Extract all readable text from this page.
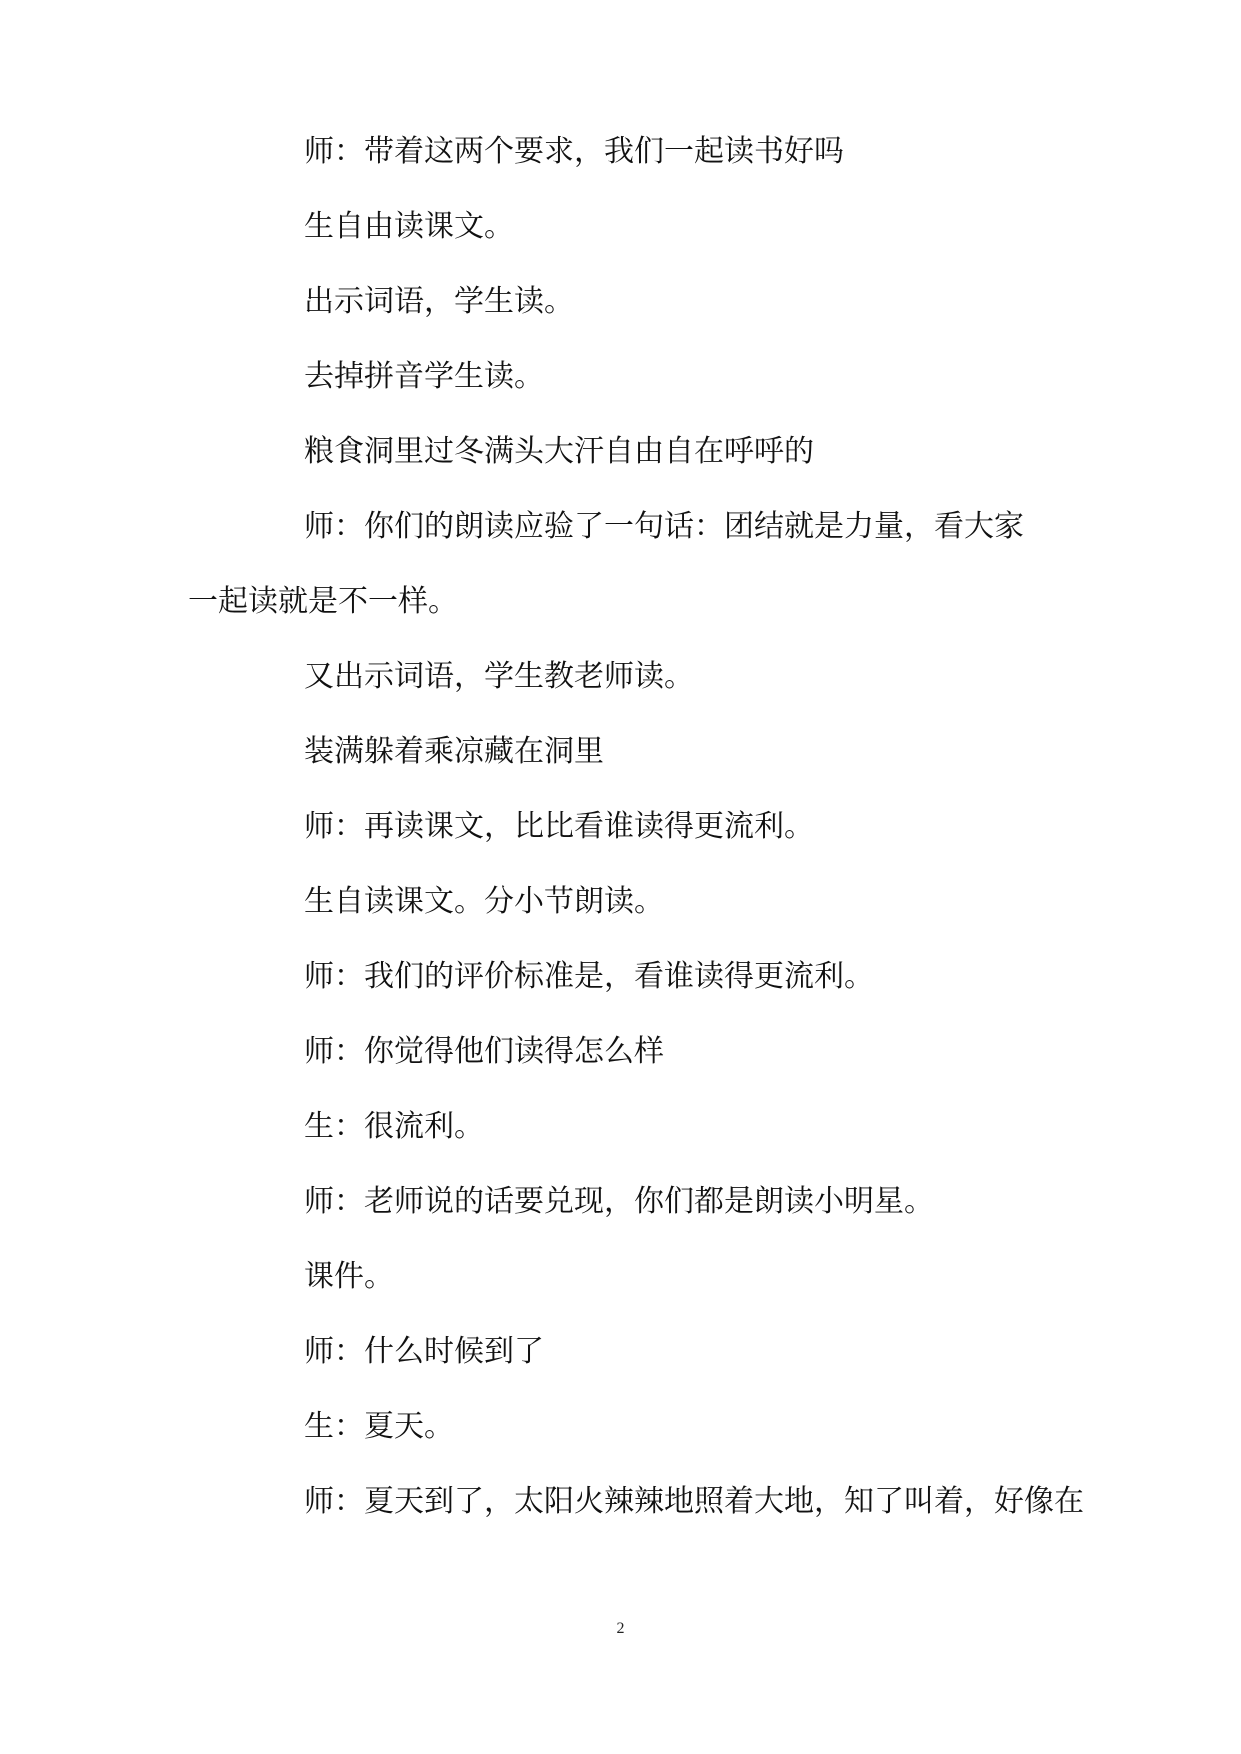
师：带着这两个要求，我们一起读书好吗

生自由读课文。

出示词语，学生读。

去掉拼音学生读。

粮食洞里过冬满头大汗自由自在呼呼的

师：你们的朗读应验了一句话：团结就是力量，看大家一起读就是不一样。

又出示词语，学生教老师读。

装满躲着乘凉藏在洞里

师：再读课文，比比看谁读得更流利。

生自读课文。分小节朗读。

师：我们的评价标准是，看谁读得更流利。

师：你觉得他们读得怎么样

生：很流利。

师：老师说的话要兑现，你们都是朗读小明星。

课件。

师：什么时候到了

生：夏天。

师：夏天到了，太阳火辣辣地照着大地，知了叫着，好像在

2
